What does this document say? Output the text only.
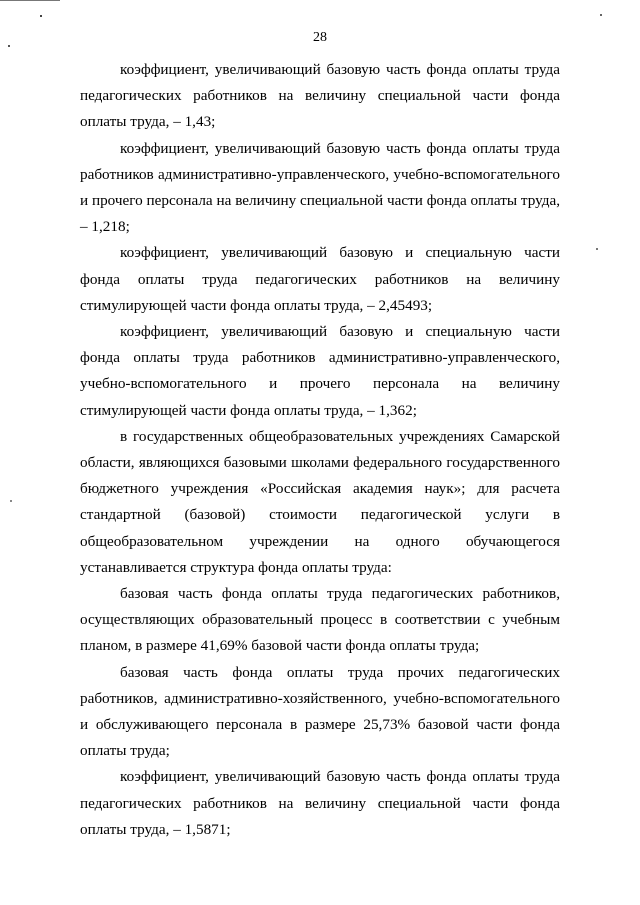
28

коэффициент, увеличивающий базовую часть фонда оплаты труда педагогических работников на величину специальной части фонда оплаты труда, – 1,43;

коэффициент, увеличивающий базовую часть фонда оплаты труда работников административно-управленческого, учебно-вспомогательного и прочего персонала на величину специальной части фонда оплаты труда, – 1,218;

коэффициент, увеличивающий базовую и специальную части фонда оплаты труда педагогических работников на величину стимулирующей части фонда оплаты труда, – 2,45493;

коэффициент, увеличивающий базовую и специальную части фонда оплаты труда работников административно-управленческого, учебно-вспомогательного и прочего персонала на величину стимулирующей части фонда оплаты труда, – 1,362;

в государственных общеобразовательных учреждениях Самарской области, являющихся базовыми школами федерального государственного бюджетного учреждения «Российская академия наук»; для расчета стандартной (базовой) стоимости педагогической услуги в общеобразовательном учреждении на одного обучающегося устанавливается структура фонда оплаты труда:

базовая часть фонда оплаты труда педагогических работников, осуществляющих образовательный процесс в соответствии с учебным планом, в размере 41,69% базовой части фонда оплаты труда;

базовая часть фонда оплаты труда прочих педагогических работников, административно-хозяйственного, учебно-вспомогательного и обслуживающего персонала в размере 25,73% базовой части фонда оплаты труда;

коэффициент, увеличивающий базовую часть фонда оплаты труда педагогических работников на величину специальной части фонда оплаты труда, – 1,5871;
